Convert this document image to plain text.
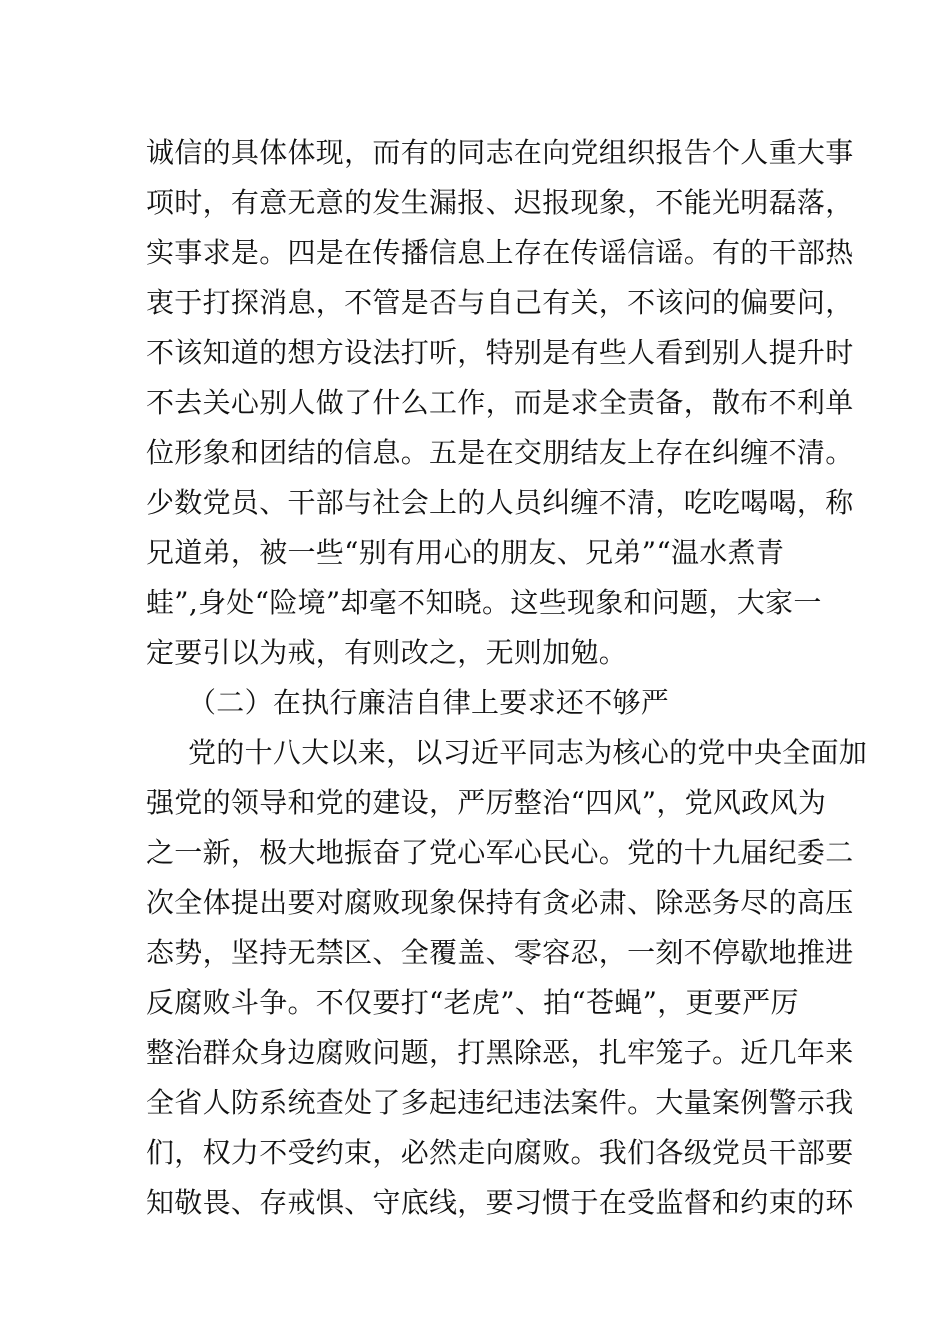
诚信的具体体现，而有的同志在向党组织报告个人重大事
项时，有意无意的发生漏报、迟报现象，不能光明磊落，
实事求是。四是在传播信息上存在传谣信谣。有的干部热
衷于打探消息，不管是否与自己有关，不该问的偏要问，
不该知道的想方设法打听，特别是有些人看到别人提升时
不去关心别人做了什么工作，而是求全责备，散布不利单
位形象和团结的信息。五是在交朋结友上存在纠缠不清。
少数党员、干部与社会上的人员纠缠不清，吃吃喝喝，称
兄道弟，被一些“别有用心的朋友、兄弟”“温水煮青
蛙”,身处“险境”却毫不知晓。这些现象和问题，大家一
定要引以为戒，有则改之，无则加勉。
（二）在执行廉洁自律上要求还不够严
党的十八大以来，以习近平同志为核心的党中央全面加
强党的领导和党的建设，严厉整治“四风”，党风政风为
之一新，极大地振奋了党心军心民心。党的十九届纪委二
次全体提出要对腐败现象保持有贪必肃、除恶务尽的高压
态势，坚持无禁区、全覆盖、零容忍，一刻不停歇地推进
反腐败斗争。不仅要打“老虎”、拍“苍蝇”，更要严厉
整治群众身边腐败问题，打黑除恶，扎牢笼子。近几年来
全省人防系统查处了多起违纪违法案件。大量案例警示我
们，权力不受约束，必然走向腐败。我们各级党员干部要
知敬畏、存戒惧、守底线，要习惯于在受监督和约束的环
